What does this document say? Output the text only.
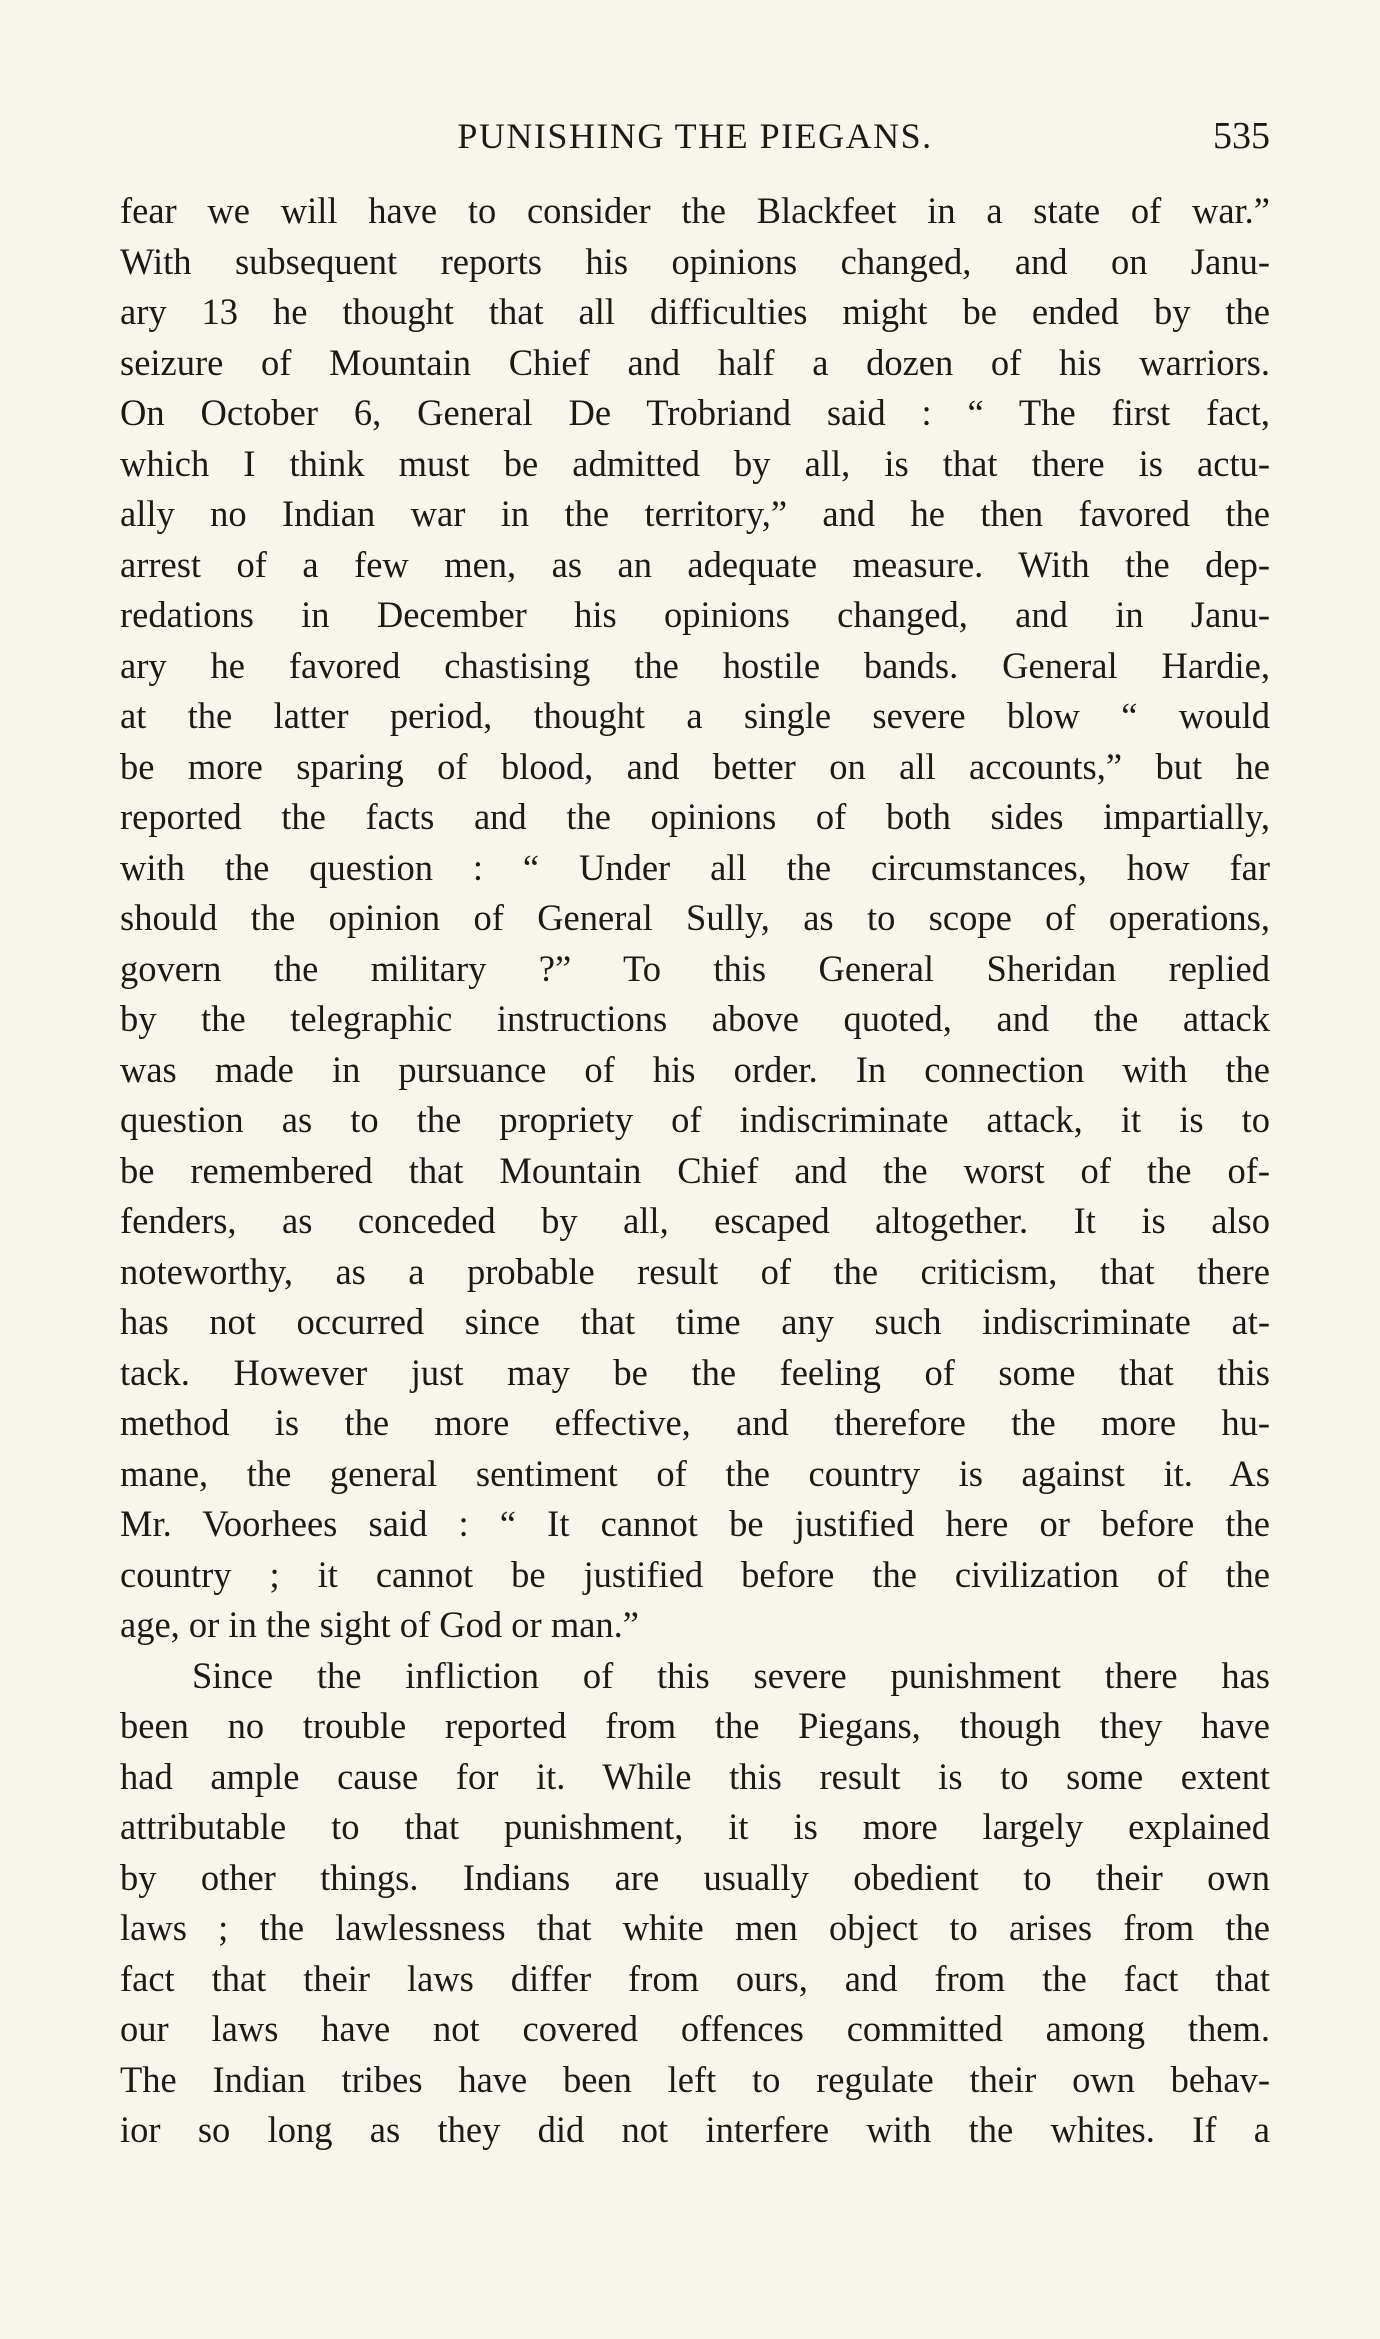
PUNISHING THE PIEGANS.	535
fear we will have to consider the Blackfeet in a state of war.”
With subsequent reports his opinions changed, and on Janu-
ary 13 he thought that all difficulties might be ended by the
seizure of Mountain Chief and half a dozen of his warriors.
On October 6, General De Trobriand said : “ The first fact,
which I think must be admitted by all, is that there is actu-
ally no Indian war in the territory,” and he then favored the
arrest of a few men, as an adequate measure. With the dep-
redations in December his opinions changed, and in Janu-
ary he favored chastising the hostile bands. General Hardie,
at the latter period, thought a single severe blow “ would
be more sparing of blood, and better on all accounts,” but he
reported the facts and the opinions of both sides impartially,
with the question : “ Under all the circumstances, how far
should the opinion of General Sully, as to scope of operations,
govern the military ?” To this General Sheridan replied
by the telegraphic instructions above quoted, and the attack
was made in pursuance of his order. In connection with the
question as to the propriety of indiscriminate attack, it is to
be remembered that Mountain Chief and the worst of the of-
fenders, as conceded by all, escaped altogether. It is also
noteworthy, as a probable result of the criticism, that there
has not occurred since that time any such indiscriminate at-
tack. However just may be the feeling of some that this
method is the more effective, and therefore the more hu-
mane, the general sentiment of the country is against it. As
Mr. Voorhees said : “ It cannot be justified here or before the
country ; it cannot be justified before the civilization of the
age, or in the sight of God or man.”
Since the infliction of this severe punishment there has
been no trouble reported from the Piegans, though they have
had ample cause for it. While this result is to some extent
attributable to that punishment, it is more largely explained
by other things. Indians are usually obedient to their own
laws ; the lawlessness that white men object to arises from the
fact that their laws differ from ours, and from the fact that
our laws have not covered offences committed among them.
The Indian tribes have been left to regulate their own behav-
ior so long as they did not interfere with the whites. If a
